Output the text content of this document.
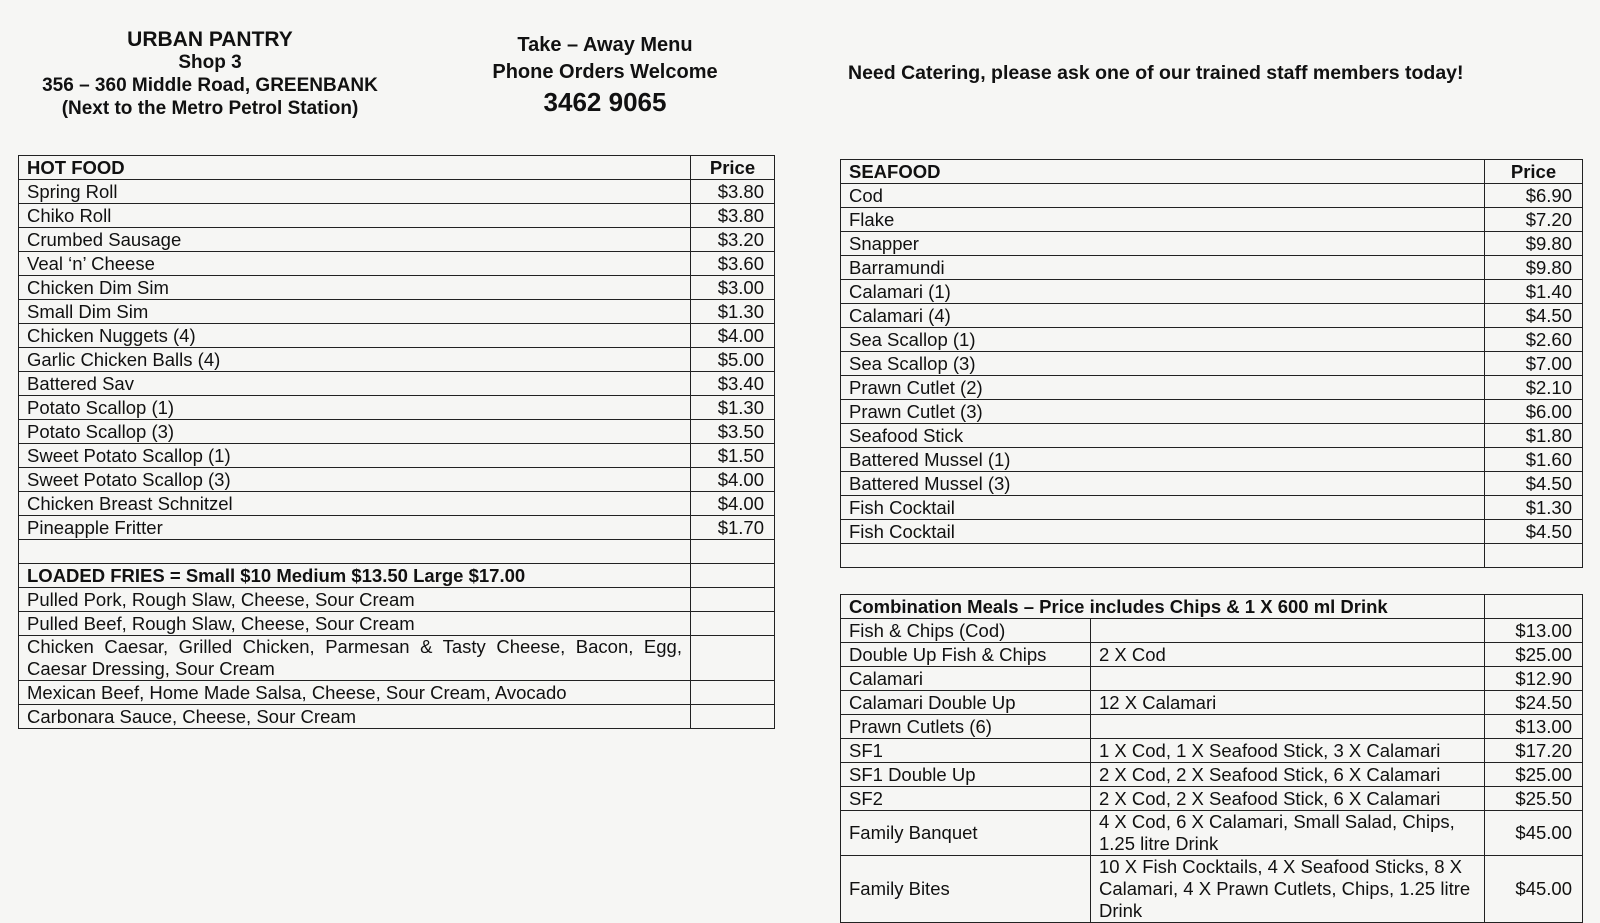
URBAN PANTRY
Shop 3
356 – 360 Middle Road, GREENBANK
(Next to the Metro Petrol Station)
Take – Away Menu
Phone Orders Welcome
3462 9065
Need Catering, please ask one of our trained staff members today!
HOT FOOD	Price
Spring Roll	$3.80
Chiko Roll	$3.80
Crumbed Sausage	$3.20
Veal ‘n’ Cheese	$3.60
Chicken Dim Sim	$3.00
Small Dim Sim	$1.30
Chicken Nuggets (4)	$4.00
Garlic Chicken Balls (4)	$5.00
Battered Sav	$3.40
Potato Scallop (1)	$1.30
Potato Scallop (3)	$3.50
Sweet Potato Scallop (1)	$1.50
Sweet Potato Scallop (3)	$4.00
Chicken Breast Schnitzel	$4.00
Pineapple Fritter	$1.70

LOADED FRIES = Small $10 Medium $13.50 Large $17.00	
Pulled Pork, Rough Slaw, Cheese, Sour Cream	
Pulled Beef, Rough Slaw, Cheese, Sour Cream	
Chicken Caesar, Grilled Chicken, Parmesan & Tasty Cheese, Bacon, Egg, Caesar Dressing, Sour Cream	
Mexican Beef, Home Made Salsa, Cheese, Sour Cream, Avocado	
Carbonara Sauce, Cheese, Sour Cream	
SEAFOOD	Price
Cod	$6.90
Flake	$7.20
Snapper	$9.80
Barramundi	$9.80
Calamari (1)	$1.40
Calamari (4)	$4.50
Sea Scallop (1)	$2.60
Sea Scallop (3)	$7.00
Prawn Cutlet (2)	$2.10
Prawn Cutlet (3)	$6.00
Seafood Stick	$1.80
Battered Mussel (1)	$1.60
Battered Mussel (3)	$4.50
Fish Cocktail	$1.30
Fish Cocktail	$4.50

Combination Meals – Price includes Chips & 1 X 600 ml Drink		
Fish & Chips (Cod)		$13.00
Double Up Fish & Chips	2 X Cod	$25.00
Calamari		$12.90
Calamari Double Up	12 X Calamari	$24.50
Prawn Cutlets (6)		$13.00
SF1	1 X Cod, 1 X Seafood Stick, 3 X Calamari	$17.20
SF1 Double Up	2 X Cod, 2 X Seafood Stick, 6 X Calamari	$25.00
SF2	2 X Cod, 2 X Seafood Stick, 6 X Calamari	$25.50
Family Banquet	4 X Cod, 6 X Calamari, Small Salad, Chips, 1.25 litre Drink	$45.00
Family Bites	10 X Fish Cocktails, 4 X Seafood Sticks, 8 X Calamari, 4 X Prawn Cutlets, Chips, 1.25 litre Drink	$45.00
